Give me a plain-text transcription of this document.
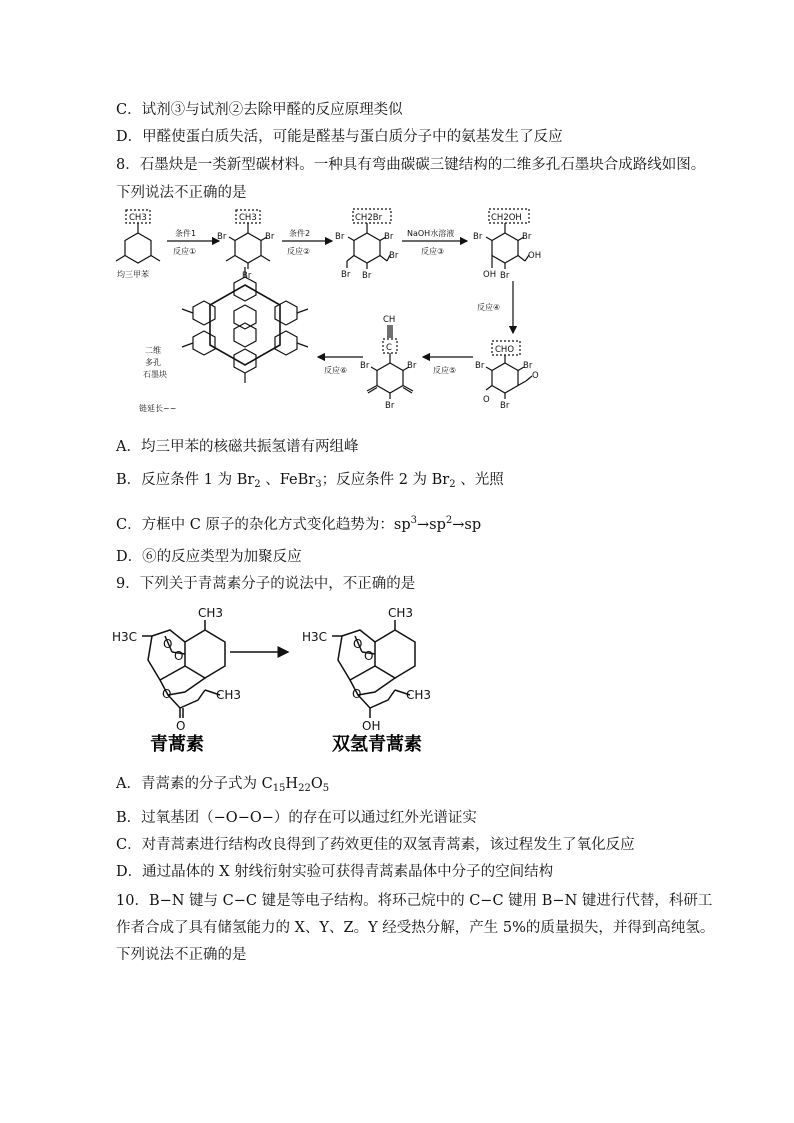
C．试剂③与试剂②去除甲醛的反应原理类似
D．甲醛使蛋白质失活，可能是醛基与蛋白质分子中的氨基发生了反应
8．石墨炔是一类新型碳材料。一种具有弯曲碳碳三键结构的二维多孔石墨块合成路线如图。
下列说法不正确的是
CH3
均三甲苯
条件1
反应①
CH3
Br	Br
Br
条件2
反应②
CH2Br
Br	Br
Br Br
Br
NaOH水溶液
反应③
CH2OH
Br	Br
Br
OH
OH
反应④
CHO
Br	Br
Br
O
O
反应⑤
C
CH
Br	Br
Br
反应⑥
二维
多孔
石墨块
链延长~~
A．均三甲苯的核磁共振氢谱有两组峰
B．反应条件 1 为 $Br_2$ 、FeBr$_3$；反应条件 2 为 $Br_2$ 、光照
C．方框中 C 原子的杂化方式变化趋势为：$sp^3\to sp^2\to sp$
D．⑥的反应类型为加聚反应
9．下列关于青蒿素分子的说法中，不正确的是
CH3
H3C O
O
O
O
CH3
CH3
H3C O
O
O
OH
CH3
青蒿素	双氢青蒿素
A．青蒿素的分子式为 $C_{15}H_{22}O_5$
B．过氧基团（−O−O−）的存在可以通过红外光谱证实
C．对青蒿素进行结构改良得到了药效更佳的双氢青蒿素，该过程发生了氧化反应
D．通过晶体的 X 射线衍射实验可获得青蒿素晶体中分子的空间结构
10．B−N 键与 C−C 键是等电子结构。将环己烷中的 C−C 键用 B−N 键进行代替，科研工
作者合成了具有储氢能力的 X、Y、Z。Y 经受热分解，产生 5%的质量损失，并得到高纯氢。
下列说法不正确的是
